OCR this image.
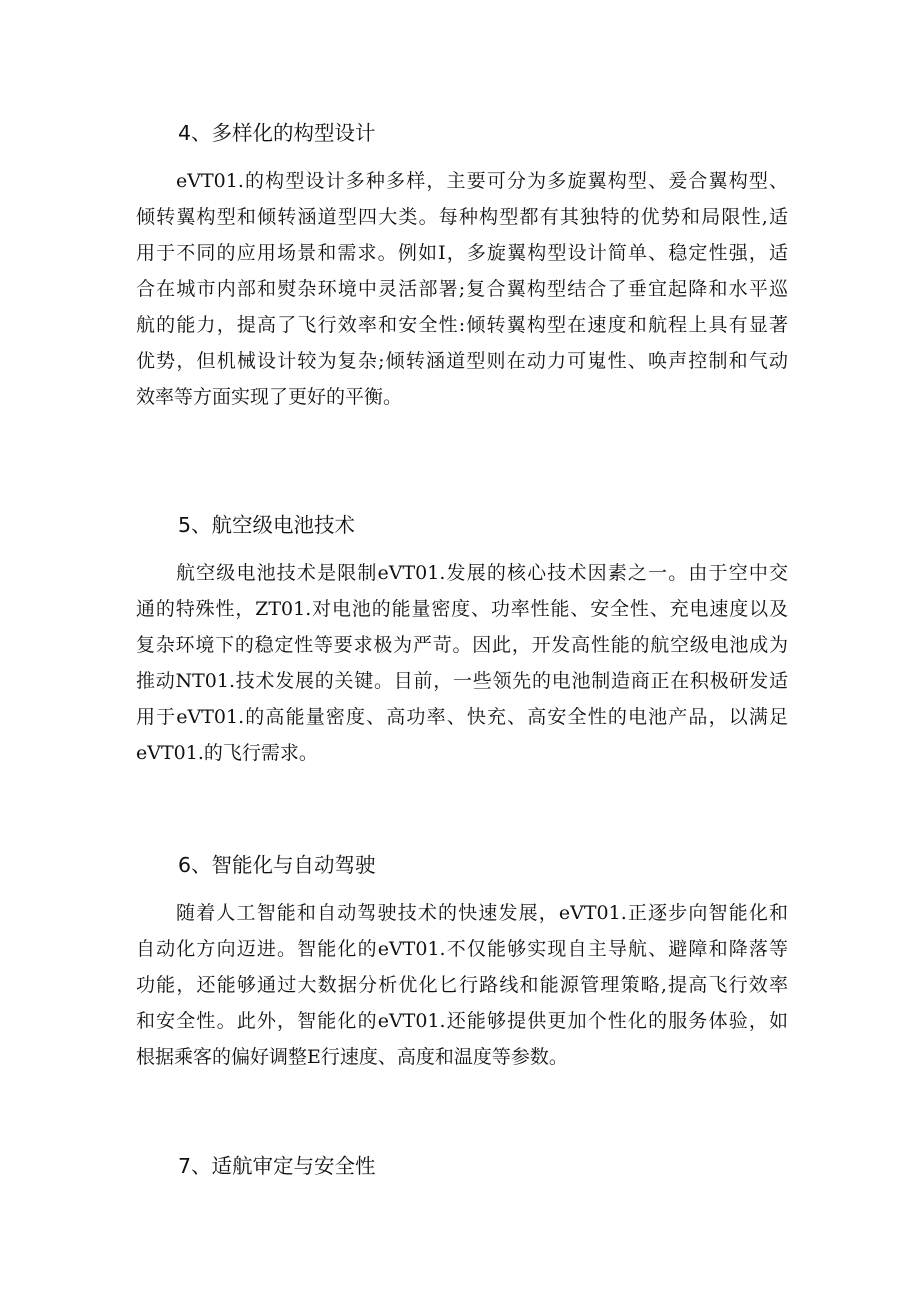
4、多样化的构型设计
eVT01.的构型设计多种多样，主要可分为多旋翼构型、爰合翼构型、
倾转翼构型和倾转涵道型四大类。每种构型都有其独特的优势和局限性,适
用于不同的应用场景和需求。例如I，多旋翼构型设计简单、稳定性强，适
合在城市内部和熨杂环境中灵活部署;复合翼构型结合了垂宜起降和水平巡
航的能力，提高了飞行效率和安全性:倾转翼构型在速度和航程上具有显著
优势，但机械设计较为复杂;倾转涵道型则在动力可嵬性、唤声控制和气动
效率等方面实现了更好的平衡。
5、航空级电池技术
航空级电池技术是限制eVT01.发展的核心技术因素之一。由于空中交
通的特殊性，ZT01.对电池的能量密度、功率性能、安全性、充电速度以及
复杂环境下的稳定性等要求极为严苛。因此，开发高性能的航空级电池成为
推动NT01.技术发展的关键。目前，一些领先的电池制造商正在积极研发适
用于eVT01.的高能量密度、高功率、快充、高安全性的电池产品，以满足
eVT01.的飞行需求。
6、智能化与自动驾驶
随着人工智能和自动驾驶技术的快速发展，eVT01.正逐步向智能化和
自动化方向迈进。智能化的eVT01.不仅能够实现自主导航、避障和降落等
功能，还能够通过大数据分析优化匕行路线和能源管理策略,提高飞行效率
和安全性。此外，智能化的eVT01.还能够提供更加个性化的服务体验，如
根据乘客的偏好调整E行速度、高度和温度等参数。
7、适航审定与安全性
